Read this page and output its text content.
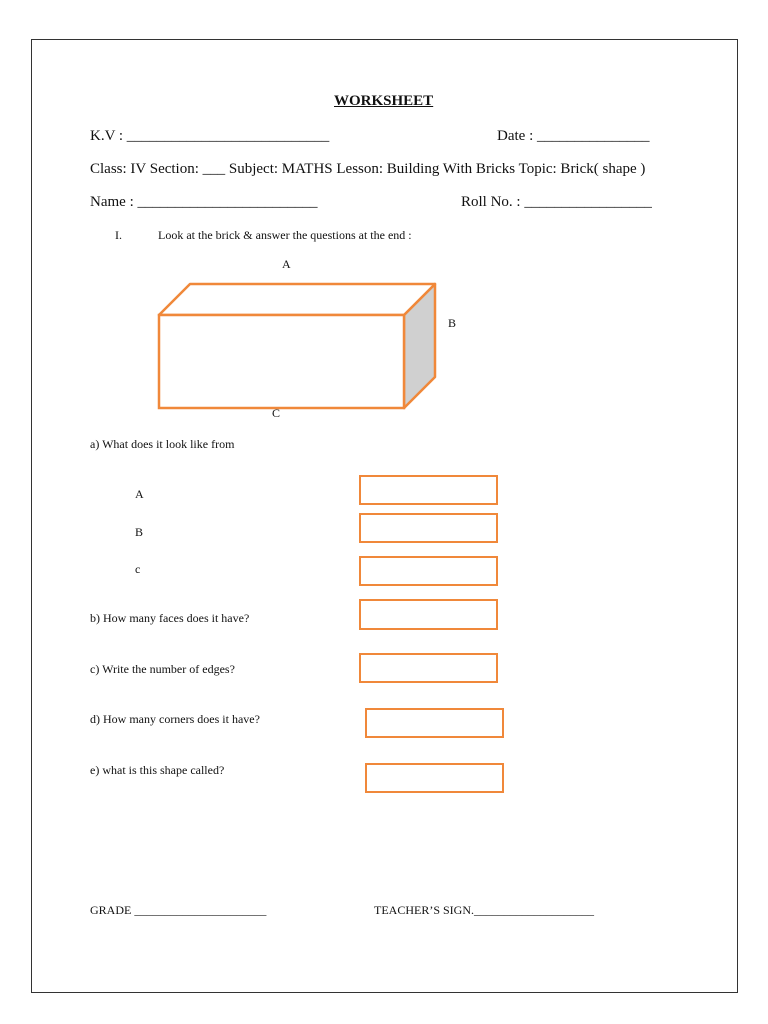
WORKSHEET
K.V : ___________________________	Date : _______________
Class: IV Section: ___ Subject: MATHS Lesson: Building With Bricks Topic: Brick( shape )
Name : ________________________	Roll No. : _________________
I.	Look at the brick & answer the questions at the end :
A
B
C
a) What does it look like from
A
B
c
b) How many faces does it have?
c) Write the number of edges?
d) How many corners does it have?
e) what is this shape called?
GRADE ______________________	TEACHER’S SIGN.____________________
